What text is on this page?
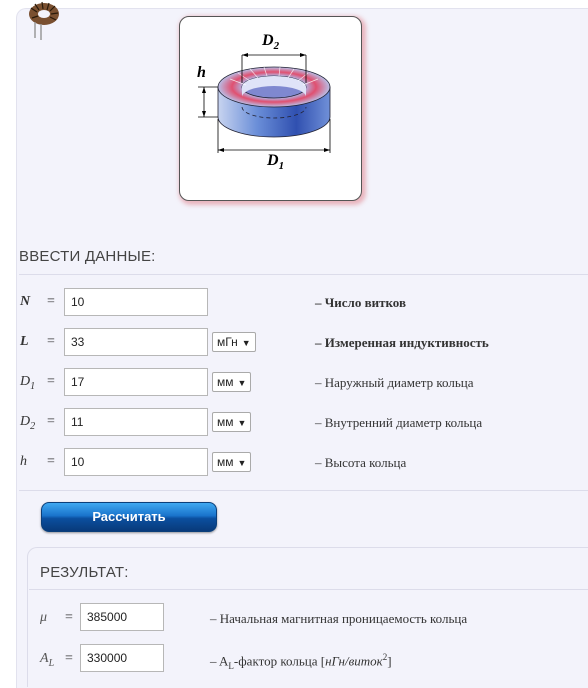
$D_2$
$D_1$
h
ВВЕСТИ ДАННЫЕ:
N =	10	– Число витков
L =	33	мГн ▼	– Измеренная индуктивность
$D_1$ =	17	мм ▼	– Наружный диаметр кольца
$D_2$ =	11	мм ▼	– Внутренний диаметр кольца
h =	10	мм ▼	– Высота кольца
Рассчитать
РЕЗУЛЬТАТ:
μ =	385000	– Начальная магнитная проницаемость кольца
$A_L$ =	330000	– $A_L$-фактор кольца [нГн/виток$^2$]
